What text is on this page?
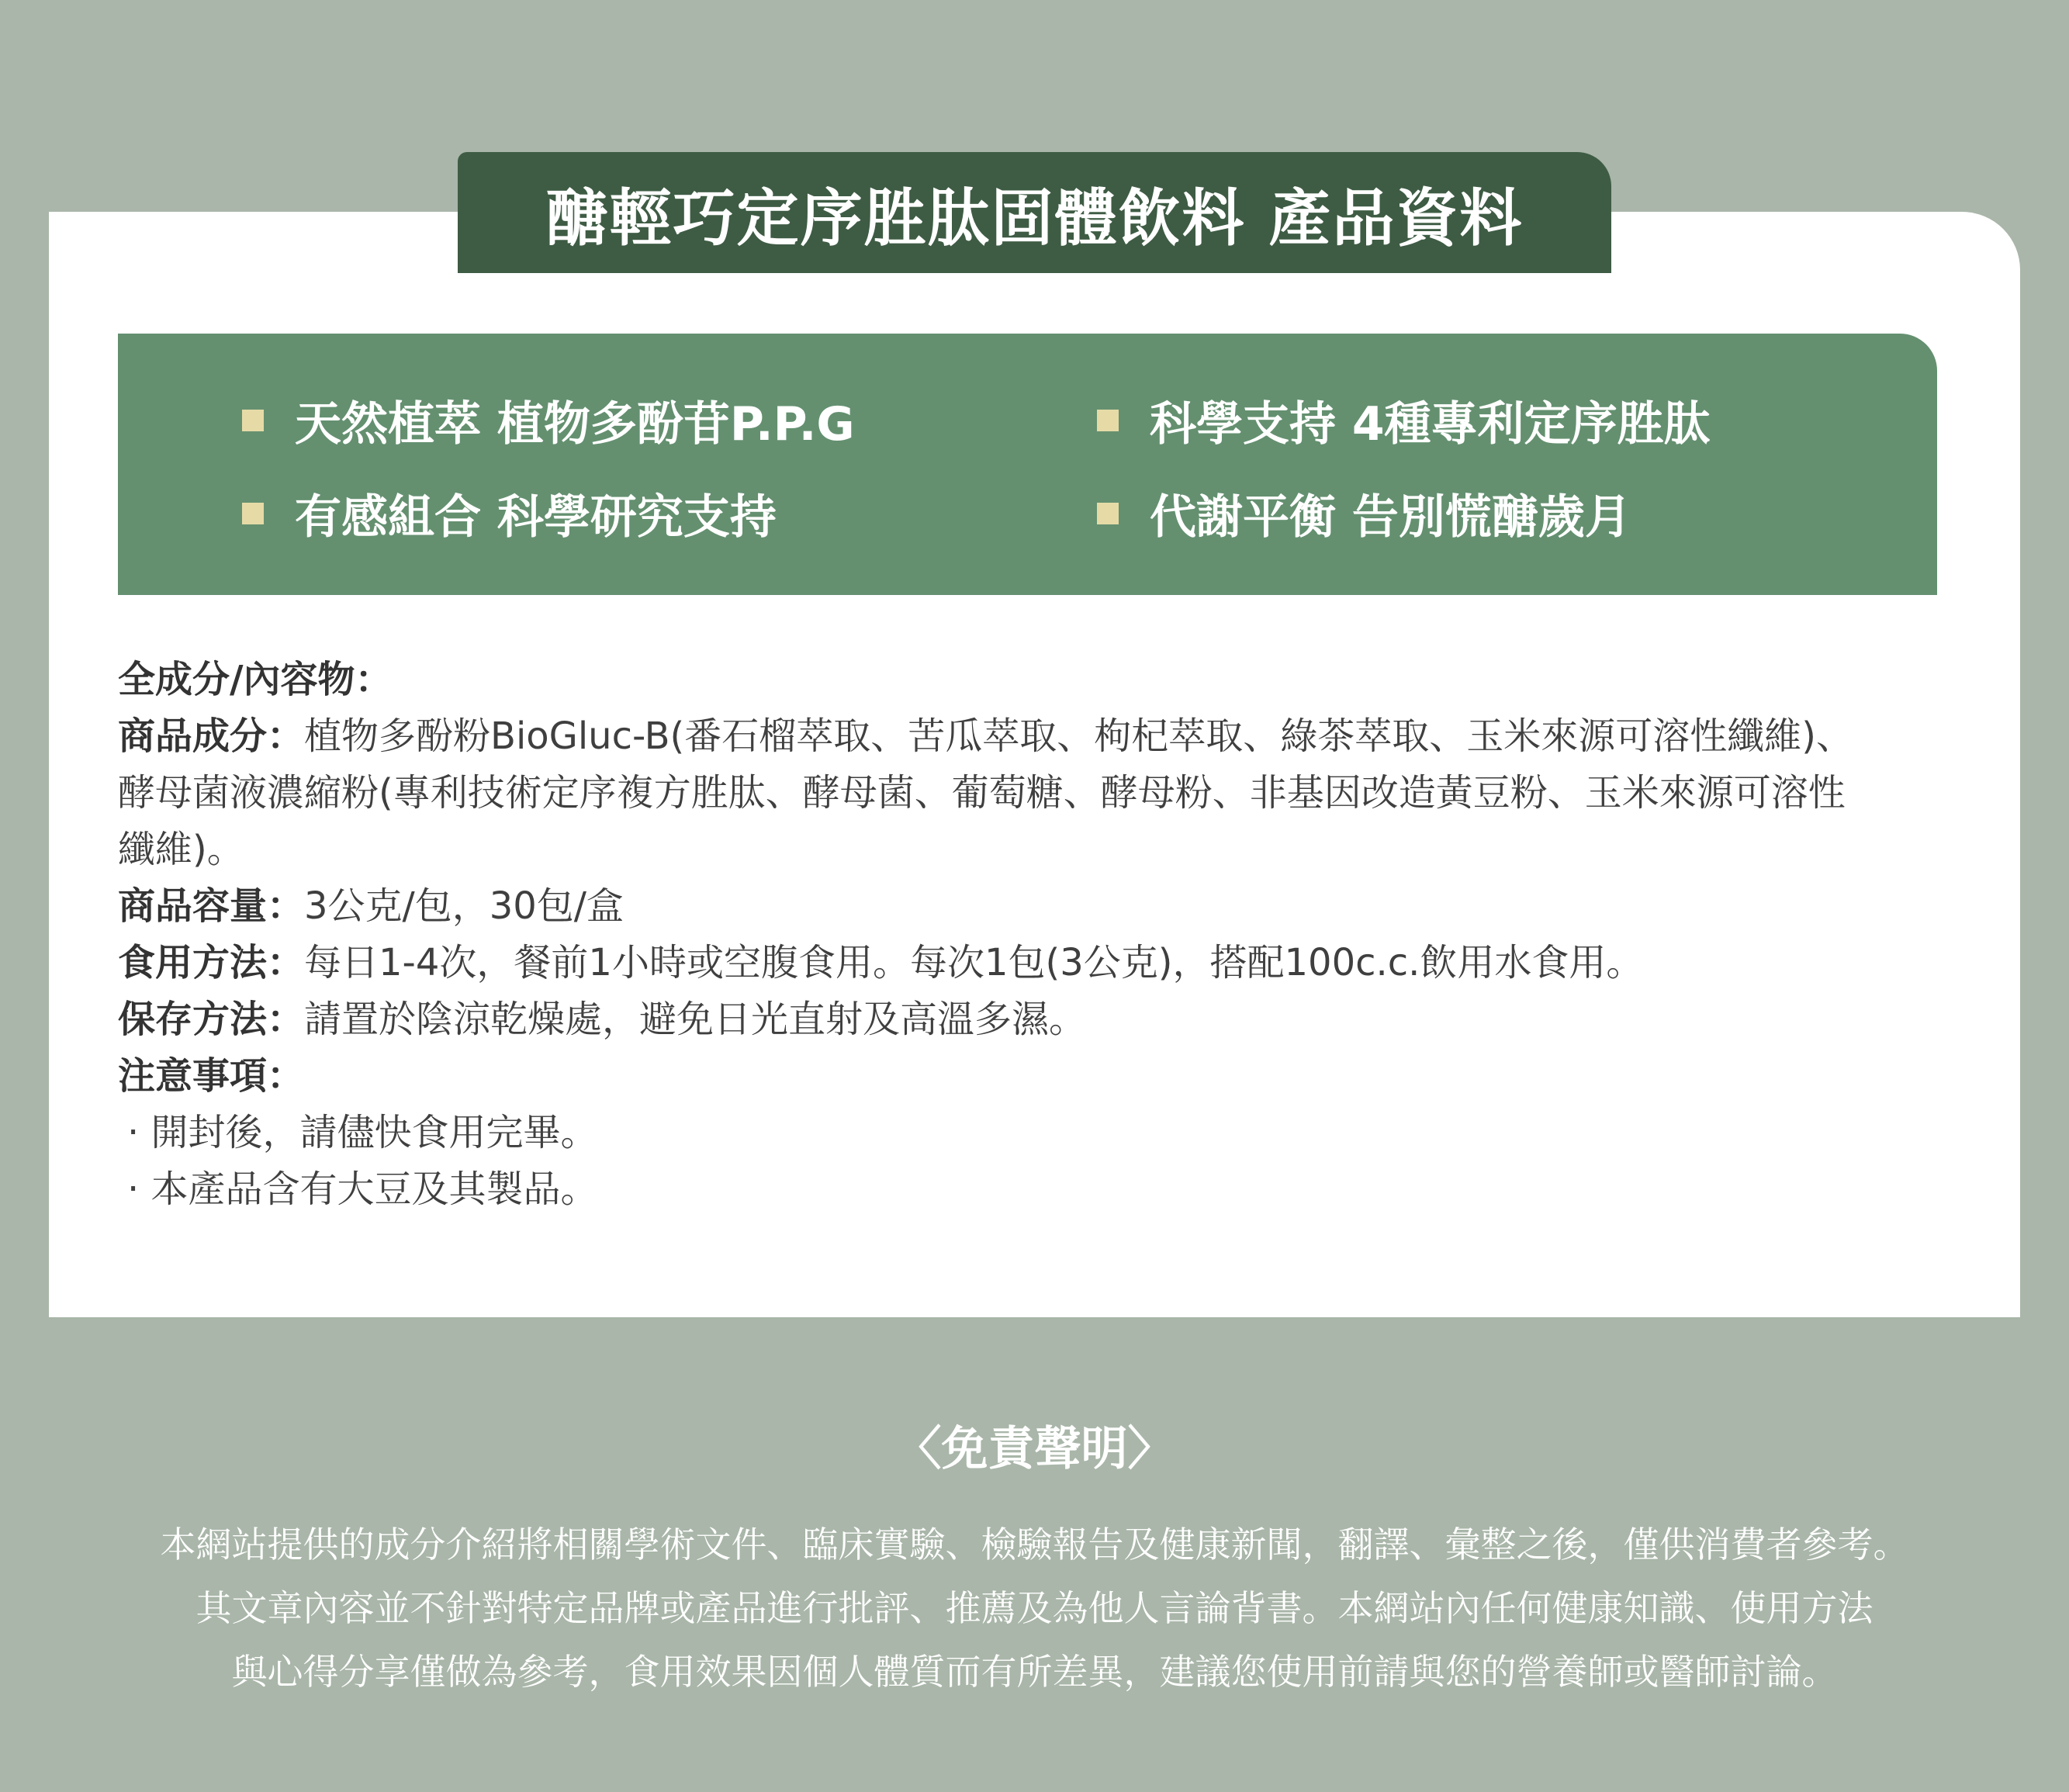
醣輕巧定序胜肽固體飲料 產品資料
天然植萃 植物多酚苷P.P.G	科學支持 4種專利定序胜肽
有感組合 科學研究支持	代謝平衡 告別慌醣歲月
全成分/內容物：
商品成分：植物多酚粉BioGluc-B(番石榴萃取、苦瓜萃取、枸杞萃取、綠茶萃取、玉米來源可溶性纖維)、
酵母菌液濃縮粉(專利技術定序複方胜肽、酵母菌、葡萄糖、酵母粉、非基因改造黃豆粉、玉米來源可溶性
纖維)。
商品容量：3公克/包，30包/盒
食用方法：每日1-4次，餐前1小時或空腹食用。每次1包(3公克)，搭配100c.c.飲用水食用。
保存方法：請置於陰涼乾燥處，避免日光直射及高溫多濕。
注意事項：
· 開封後，請儘快食用完畢。
· 本產品含有大豆及其製品。
〈免責聲明〉
本網站提供的成分介紹將相關學術文件、臨床實驗、檢驗報告及健康新聞，翻譯、彙整之後，僅供消費者參考。
其文章內容並不針對特定品牌或產品進行批評、推薦及為他人言論背書。本網站內任何健康知識、使用方法
與心得分享僅做為參考，食用效果因個人體質而有所差異，建議您使用前請與您的營養師或醫師討論。
